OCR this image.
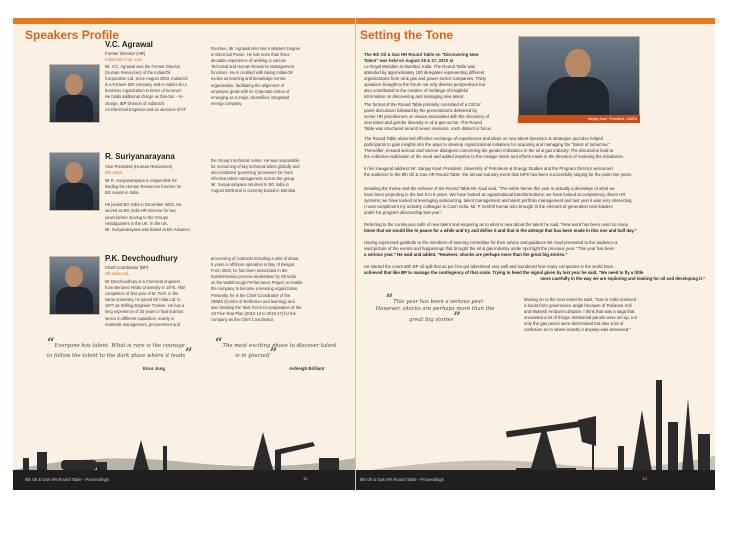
Speakers Profile
V.C. Agrawal
Former Director (HR)
IndianOil Corp. Ltd.
Mr. V.C. Agrawal was the Former Director
(Human Resources) of the IndianOil
Corporation Ltd. since August 2003. IndianOil
is a Fortune 500 company and is India's No.1
business organization in terms of turnover.
He holds additional charge as Director – In-
charge, IBP Division of IndianOil.
An Electrical Engineer and an alumnus of IIT
Roorkee, Mr. Agrawal also has a Masters Degree
in Electrical Power. He has more than three
decades experience of working in various
Technical and Human Resource Management
functions. He is credited with taking IndianOil
evolve as learning and knowledge-centric
organization, facilitating the alignment of
employee goals with its Corporate Vision of
emerging as a major, diversified, integrated
energy company.
R. Suriyanarayana
Vice President (Human Resources)
BG India
Mr R. Suriyanarayana is responsible for
leading the Human Resources function for
BG Assets in India.

He joined BG India in December 2004. He
served as BG India HR Director for two
years before moving to the Groups
Headquarters in the UK. In the UK,
Mr. Suriyanarayana was based at BG Advance,
the Group's technical center. He was responsible
for resourcing of key technical talent globally and
also instituted 'governing' processes for more
effective talent management across the group.
Mr. Suriyanarayana returned to BG India in
August 2009 and is currently based in Mumbai.
P.K. Devchoudhury
Chief Coordinator (BP)
Oil India Ltd.
Mr Devchoudhury is a Chemical engineer
from Benares Hindu University in 1978. After
completion of first year of M. Tech. in the
same university, he joined Oil India Ltd. in
1977 as Drilling Engineer Trainee. He has a
long experience of 33 years in hydrocarbon
sector in different capacities, mainly in
materials management, procurement and
processing of contracts including a stint of about
5 years in offshore operation in Bay of Bengal.
From 2004, he has been associated in the
transformation process undertaken by Oil India
as the Walkthrough Performance Project to enable
the company to become a learning organization.
Presently, he is the Chief Coordinator of the
OBMS (Centre of Reflection and learning) and
also heading the Task Force for preparation of the
XII Five Year Plan (2012-13 to 2016-17) for the
company as the Chief Coordinator.
“Everyone has talent. What is rare is the courage
to follow the talent to the dark place where it leads”
Erica Jong
“The most exciting phase to discover talent
is in yourself”
Ashleigh Brilliant
9th Oil & Gas HR Round Table - Proceedings	11
Setting the Tone
The 9th Oil & Gas HR Round Table on "Discovering New
Talent" was held on August 26 & 27, 2010 at
Le Royal Meridien in Mumbai, India. The Round Table was
attended by approximately 150 delegates representing different
organizations from oil & gas and power sector companies. Thirty
speakers brought to the forum not only diverse perspectives but
also contributed to the creation of mélange of insightful
information on discovering and managing new talent.
The format of the Round Table primarily consisted of a CEOs'
panel discussion followed by the presentations delivered by
senior HR practitioners on issues associated with the discovery of
new talent and gender diversity in oil & gas sector. The Round
Table was structured around seven sessions, each distinct in focus.
Sanjay Kaul, President, LIMRA
The Round Table observed effective exchange of experiences and ideas on new talent dynamics & strategies and also helped
participants to gain insights into the ways to develop organizational initiatives for acquiring and managing the "talent of tomorrow."
Thereafter, ensued serious and sincere dialogues concerning the gender imbalance in the oil & gas industry. The discussion lead to
the collective realization of the need and added impetus to the meager intent and efforts made in the direction of restoring the imbalance.
In his inaugural address Mr. Sanjay Kaul, President, University of Petroleum & Energy Studies and the Program Director welcomed
the audience to the 9th Oil & Gas HR Round Table, the annual industry event that ISPe has been successfully staging for the past nine years.
Detailing the theme and the scheme of the Round Table Mr. Kaul said, "The entire theme this year is actually a derivative of what we
have been projecting in the last 8 to 9 years. We have looked at organizational transformations; we have looked at competency driven HR
systems; we have looked at leveraging outsourcing, talent management and talent portfolio management and last year it was very interesting.
I must compliment my industry colleague in Cairn India, Mr. P Senthil Kumar who brought in the element of generation next leaders
under his program directorship last year."
Referring to the continuous calls of new talent and enquiring as to what is new about the talent he said, "New word has been used so many
times that we would like to pause for a while and try and define it and that is the attempt that has been made in this one and half day."
Having expressed gratitude to the members of steering committee for their advice and guidance Mr. Kaul presented to the audience a
vivid picture of the events and happenings that brought the oil & gas industry under spot light the previous year. "This year has been
a serious year." He said and added, "However, shocks are perhaps more than the great big stories."
He started the count with BP oil spill that as per him got advertised very well and wondered how many companies in the world have
achieved that like BP to manage the contingency of that scale. Trying to heed the signal given by last year he said, "We need to fly a little
more carefully in the way we are exploring and looking for oil and developing it."
“This year has been a serious year.
However, shocks are perhaps more than the
great big stories”
Moving on to the next event he said, "Gas in India received
a boost from governance angle because of Reliance Anil
and Mukesh Ambani's dispute. I think that was a saga that
unraveled a lot of things. Ministerial panels were set up, not
only the gas prices were determined but also a lot of
confusion as to where exactly it anyway was answered."
9th Oil & Gas HR Round Table - Proceedings	12
